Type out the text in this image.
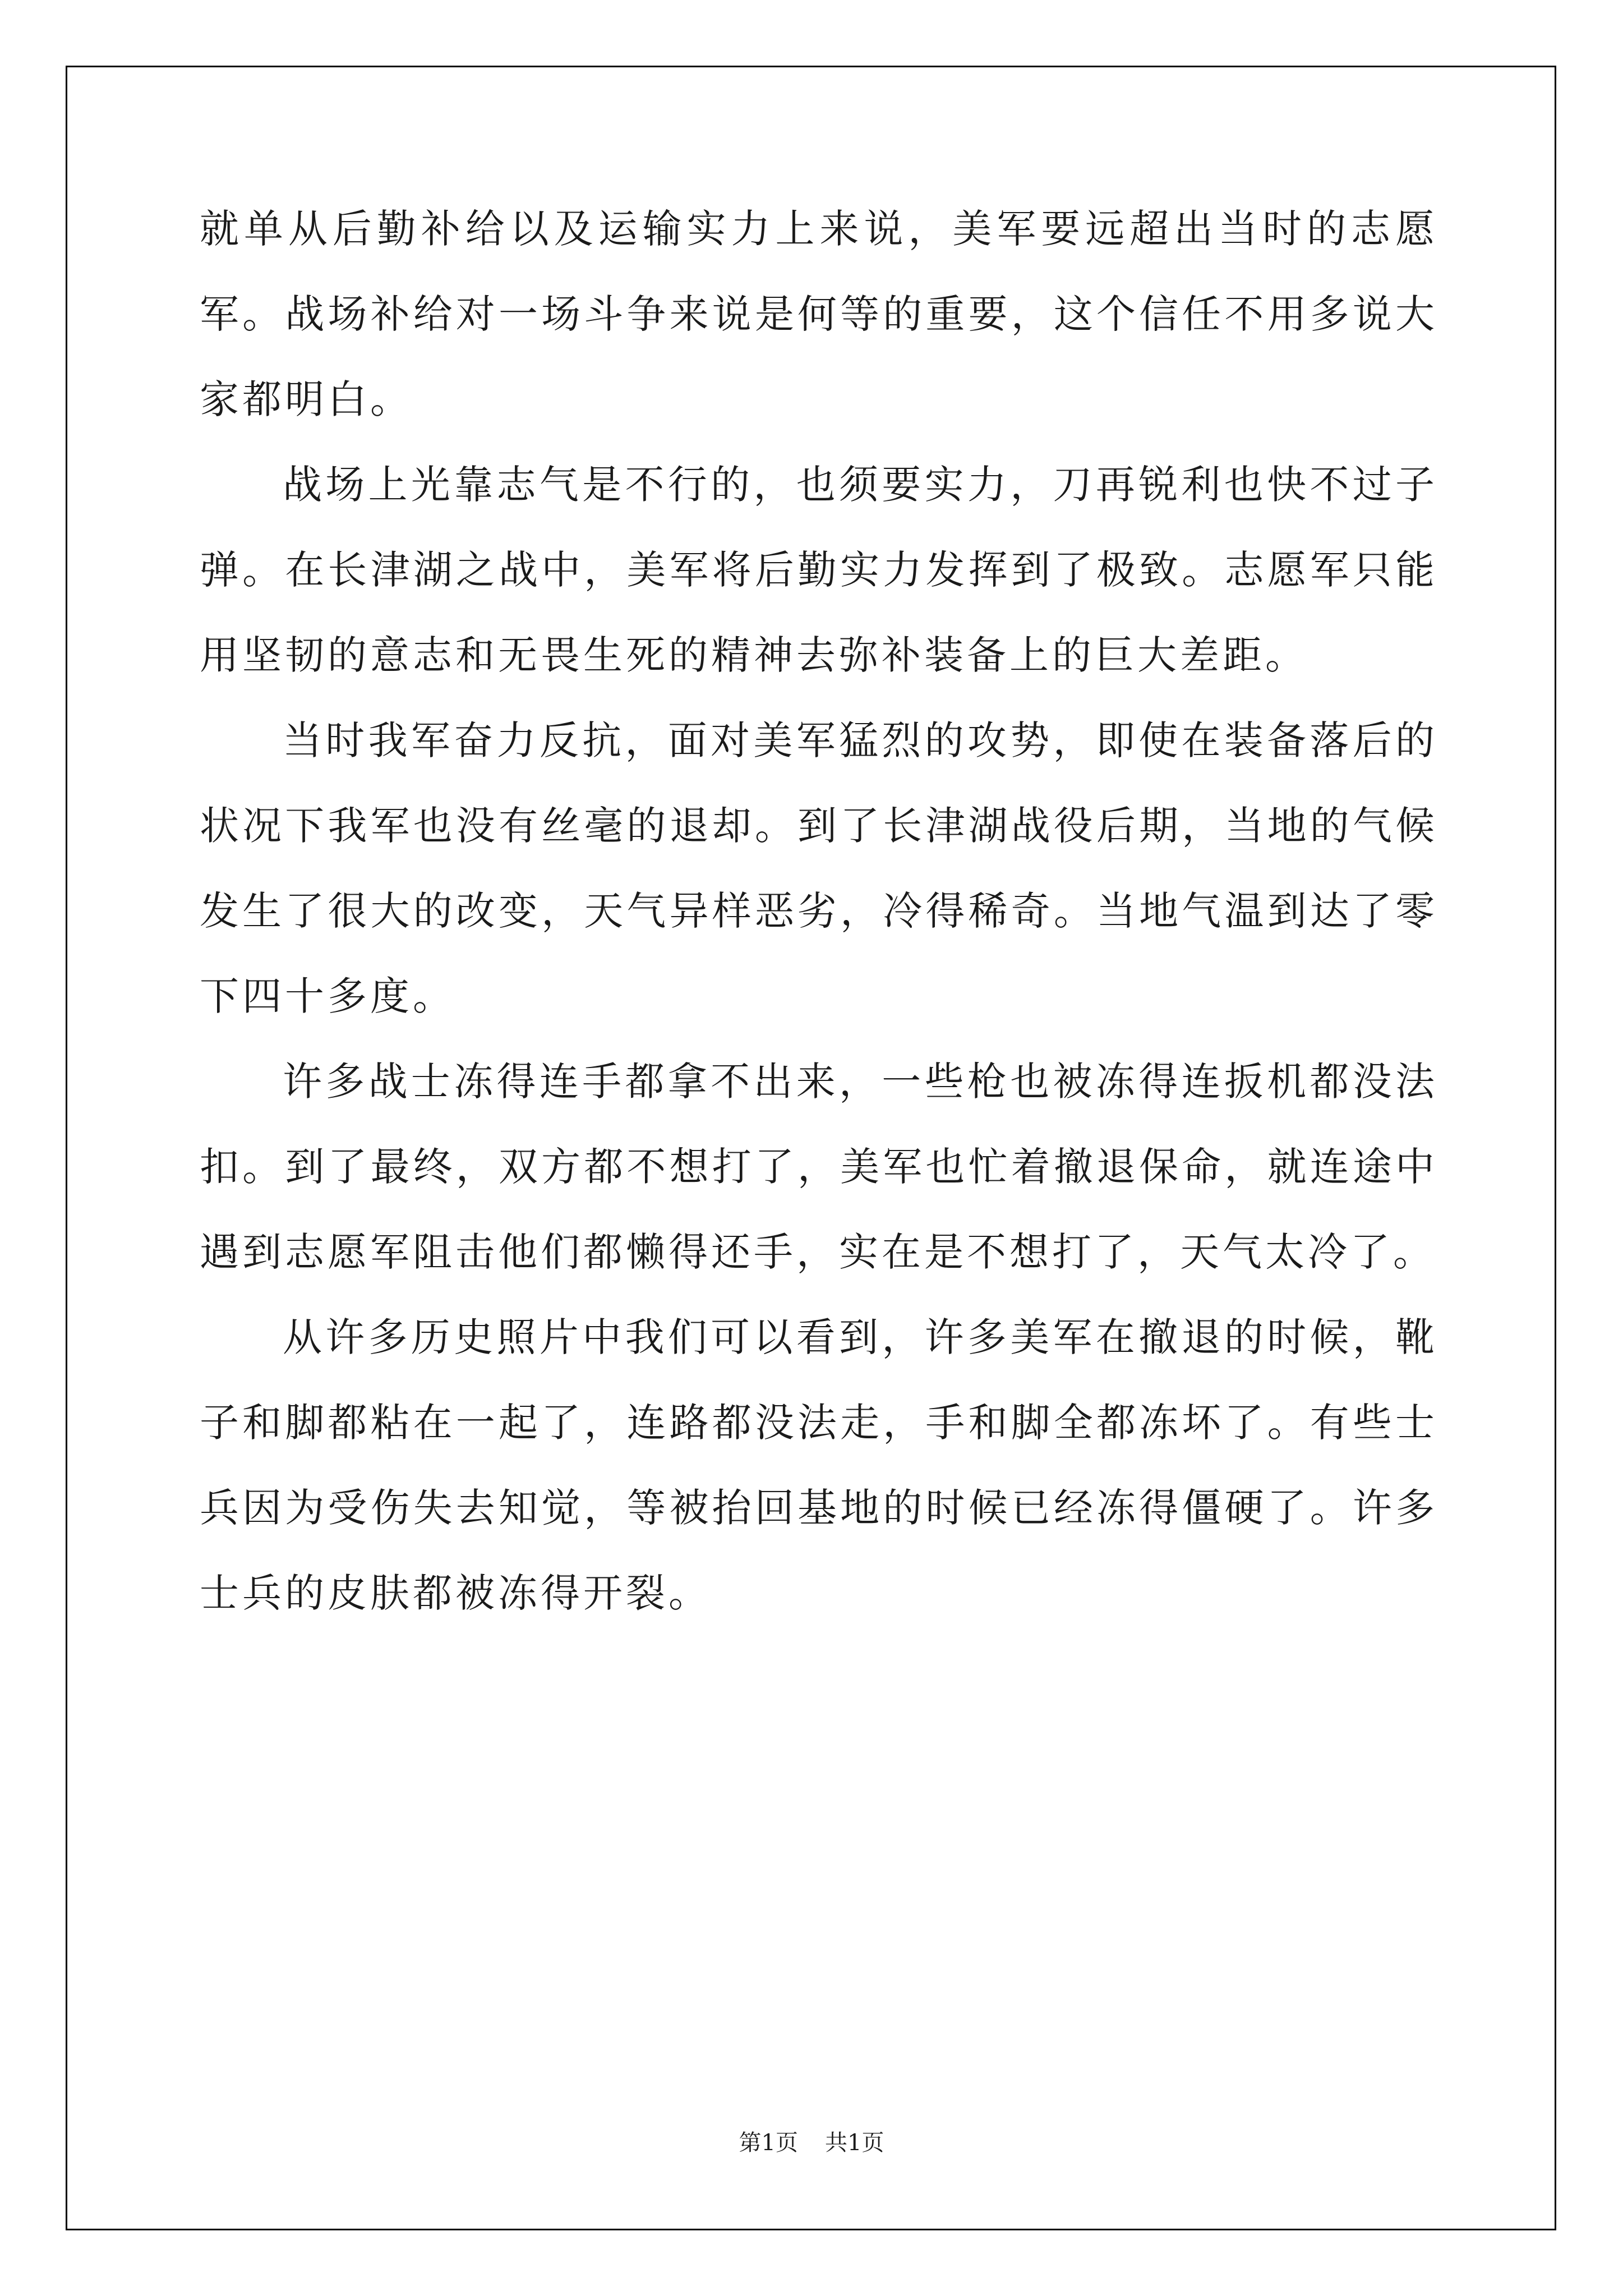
就单从后勤补给以及运输实力上来说，美军要远超出当时的志愿军。战场补给对一场斗争来说是何等的重要，这个信任不用多说大家都明白。

战场上光靠志气是不行的，也须要实力，刀再锐利也快不过子弹。在长津湖之战中，美军将后勤实力发挥到了极致。志愿军只能用坚韧的意志和无畏生死的精神去弥补装备上的巨大差距。

当时我军奋力反抗，面对美军猛烈的攻势，即使在装备落后的状况下我军也没有丝毫的退却。到了长津湖战役后期，当地的气候发生了很大的改变，天气异样恶劣，冷得稀奇。当地气温到达了零下四十多度。

许多战士冻得连手都拿不出来，一些枪也被冻得连扳机都没法扣。到了最终，双方都不想打了，美军也忙着撤退保命，就连途中遇到志愿军阻击他们都懒得还手，实在是不想打了，天气太冷了。

从许多历史照片中我们可以看到，许多美军在撤退的时候，靴子和脚都粘在一起了，连路都没法走，手和脚全都冻坏了。有些士兵因为受伤失去知觉，等被抬回基地的时候已经冻得僵硬了。许多士兵的皮肤都被冻得开裂。

第1页 共1页
